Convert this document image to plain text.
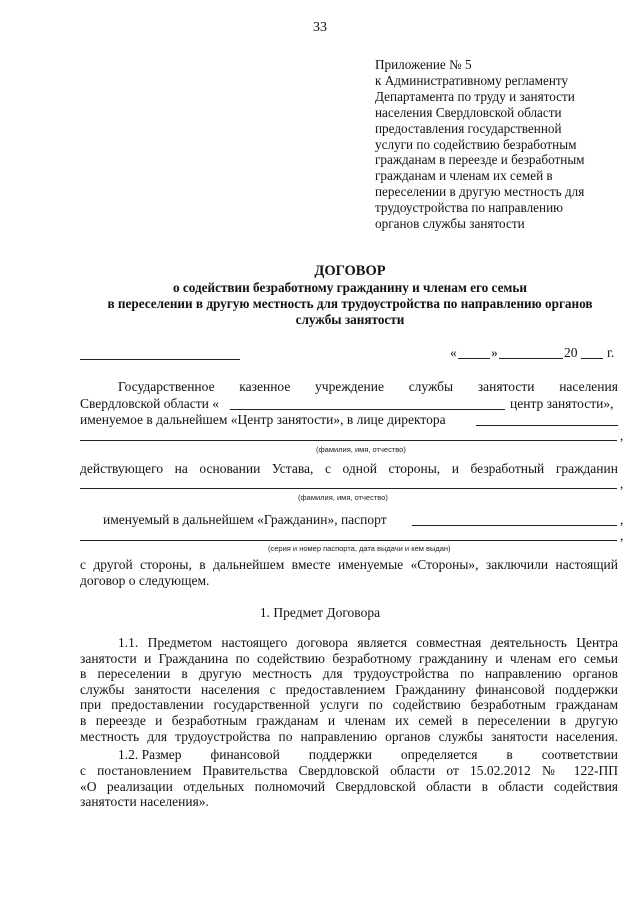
33
Приложение № 5
к Административному регламенту
Департамента по труду и занятости
населения Свердловской области
предоставления государственной
услуги по содействию безработным
гражданам в переезде и безработным
гражданам и членам их семей в
переселении в другую местность для
трудоустройства по направлению
органов службы занятости
ДОГОВОР
о содействии безработному гражданину и членам его семьи
в переселении в другую местность для трудоустройства по направлению органов
службы занятости
«	»	20 г.
Государственное казенное учреждение службы занятости населения
Свердловской области «	центр занятости»,
именуемое в дальнейшем «Центр занятости», в лице директора
,
(фамилия, имя, отчество)
действующего на основании Устава, с одной стороны, и безработный гражданин
,
(фамилия, имя, отчество)
именуемый в дальнейшем «Гражданин», паспорт	,
,
(серия и номер паспорта, дата выдачи и кем выдан)
с другой стороны, в дальнейшем вместе именуемые «Стороны», заключили настоящий
договор о следующем.
1. Предмет Договора
1.1. Предметом настоящего договора является совместная деятельность Центра
занятости и Гражданина по содействию безработному гражданину и членам его семьи
в переселении в другую местность для трудоустройства по направлению органов
службы занятости населения с предоставлением Гражданину финансовой поддержки
при предоставлении государственной услуги по содействию безработным гражданам
в переезде и безработным гражданам и членам их семей в переселении в другую
местность для трудоустройства по направлению органов службы занятости населения.
1.2. Размер финансовой поддержки определяется в соответствии
с постановлением Правительства Свердловской области от 15.02.2012 № 122-ПП
«О реализации отдельных полномочий Свердловской области в области содействия
занятости населения».
